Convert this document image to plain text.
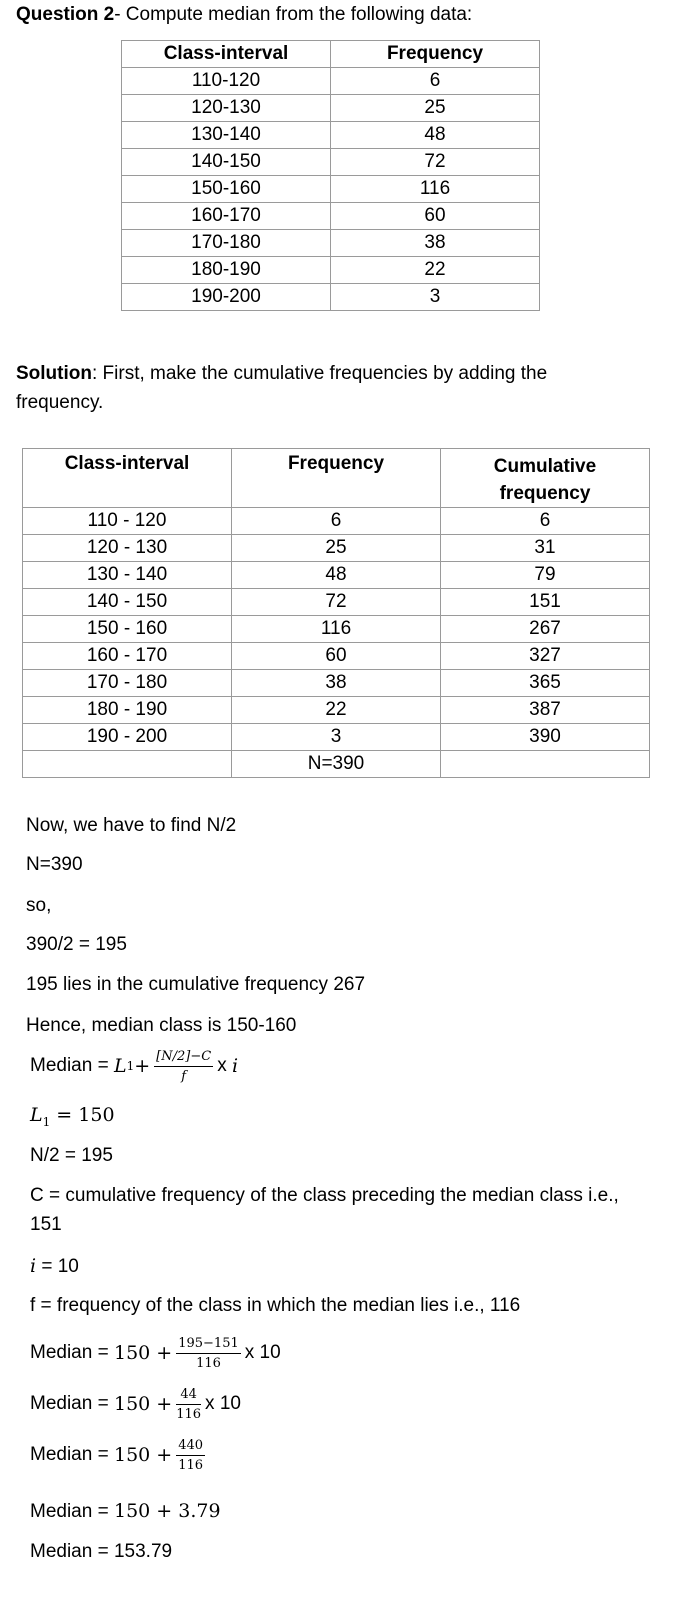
Question 2- Compute median from the following data:
Class-interval	Frequency
110-120	6
120-130	25
130-140	48
140-150	72
150-160	116
160-170	60
170-180	38
180-190	22
190-200	3
Solution: First, make the cumulative frequencies by adding the
frequency.
Class-interval	Frequency	Cumulative frequency
110 - 120	6	6
120 - 130	25	31
130 - 140	48	79
140 - 150	72	151
150 - 160	116	267
160 - 170	60	327
170 - 180	38	365
180 - 190	22	387
190 - 200	3	390
	N=390	
Now, we have to find N/2
N=390
so,
390/2 = 195
195 lies in the cumulative frequency 267
Hence, median class is 150-160
Median =
L $1 + \frac{[N/2]-C}{f}$ x
i
$L_1 = 150$
N/2 = 195
C = cumulative frequency of the class preceding the median class i.e.,
151
i = 10
f = frequency of the class in which the median lies i.e., 116
Median =
$150 + \frac{195-151}{116}$ x 10
Median =
$150 + \frac{44}{116}$ x 10
Median =
$150 + \frac{440}{116}$
Median = 150 + 3.79
Median = 153.79
